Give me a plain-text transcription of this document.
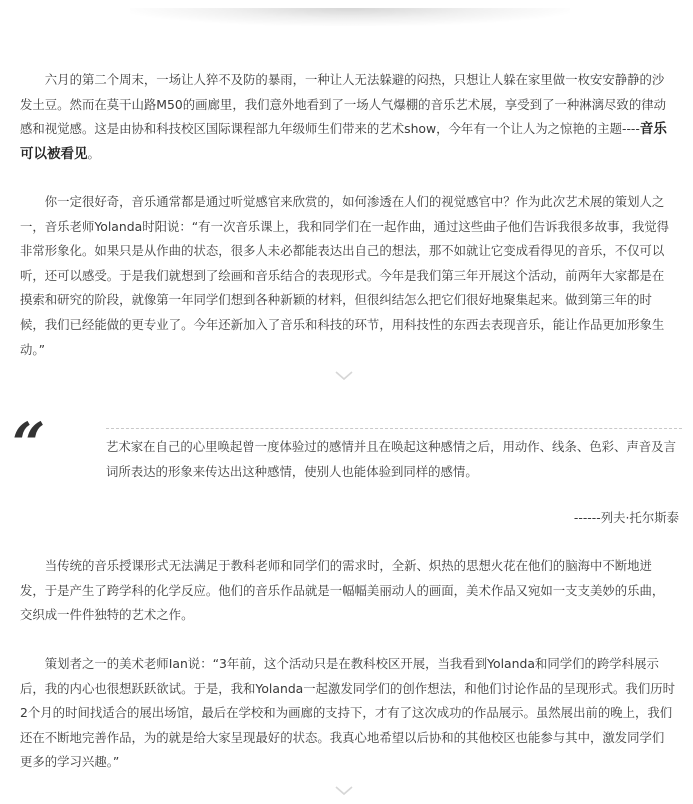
六月的第二个周末，一场让人猝不及防的暴雨，一种让人无法躲避的闷热，只想让人躲在家里做一枚安安静静的沙发土豆。然而在莫干山路M50的画廊里，我们意外地看到了一场人气爆棚的音乐艺术展，享受到了一种淋漓尽致的律动感和视觉感。这是由协和科技校区国际课程部九年级师生们带来的艺术show，今年有一个让人为之惊艳的主题----音乐可以被看见。

你一定很好奇，音乐通常都是通过听觉感官来欣赏的，如何渗透在人们的视觉感官中？作为此次艺术展的策划人之一，音乐老师Yolanda时阳说：“有一次音乐课上，我和同学们在一起作曲，通过这些曲子他们告诉我很多故事，我觉得非常形象化。如果只是从作曲的状态，很多人未必都能表达出自己的想法，那不如就让它变成看得见的音乐，不仅可以听，还可以感受。于是我们就想到了绘画和音乐结合的表现形式。今年是我们第三年开展这个活动，前两年大家都是在摸索和研究的阶段，就像第一年同学们想到各种新颖的材料，但很纠结怎么把它们很好地聚集起来。做到第三年的时候，我们已经能做的更专业了。今年还新加入了音乐和科技的环节，用科技性的东西去表现音乐，能让作品更加形象生动。”

“	艺术家在自己的心里唤起曾一度体验过的感情并且在唤起这种感情之后，用动作、线条、色彩、声音及言词所表达的形象来传达出这种感情，使别人也能体验到同样的感情。

------列夫·托尔斯泰

当传统的音乐授课形式无法满足于教科老师和同学们的需求时，全新、炽热的思想火花在他们的脑海中不断地迸发，于是产生了跨学科的化学反应。他们的音乐作品就是一幅幅美丽动人的画面，美术作品又宛如一支支美妙的乐曲，交织成一件件独特的艺术之作。

策划者之一的美术老师Ian说：“3年前，这个活动只是在教科校区开展，当我看到Yolanda和同学们的跨学科展示后，我的内心也很想跃跃欲试。于是，我和Yolanda一起激发同学们的创作想法，和他们讨论作品的呈现形式。我们历时2个月的时间找适合的展出场馆，最后在学校和为画廊的支持下，才有了这次成功的作品展示。虽然展出前的晚上，我们还在不断地完善作品，为的就是给大家呈现最好的状态。我真心地希望以后协和的其他校区也能参与其中，激发同学们更多的学习兴趣。”
